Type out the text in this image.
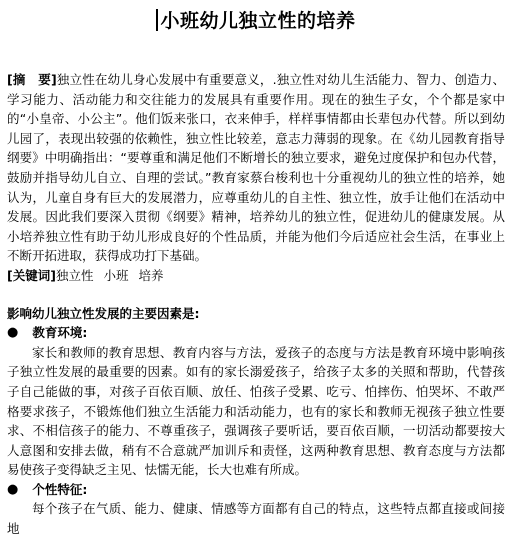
小班幼儿独立性的培养

[摘　要]独立性在幼儿身心发展中有重要意义，.独立性对幼儿生活能力、智力、创造力、学习能力、活动能力和交往能力的发展具有重要作用。现在的独生子女，个个都是家中的“小皇帝、小公主”。他们饭来张口，衣来伸手，样样事情都由长辈包办代替。所以到幼儿园了，表现出较强的依赖性，独立性比较差，意志力薄弱的现象。在《幼儿园教育指导纲要》中明确指出：“要尊重和满足他们不断增长的独立要求，避免过度保护和包办代替，鼓励并指导幼儿自立、自理的尝试。”教育家蔡台梭利也十分重视幼儿的独立性的培养，她认为，儿童自身有巨大的发展潜力，应尊重幼儿的自主性、独立性，放手让他们在活动中发展。因此我们要深入贯彻《纲要》精神，培养幼儿的独立性，促进幼儿的健康发展。从小培养独立性有助于幼儿形成良好的个性品质，并能为他们今后适应社会生活，在事业上不断开拓进取，获得成功打下基础。

[关键词]独立性 小班 培养

影响幼儿独立性发展的主要因素是:

● 教育环境:

家长和教师的教育思想、教育内容与方法，爱孩子的态度与方法是教育环境中影响孩子独立性发展的最重要的因素。如有的家长溺爱孩子，给孩子太多的关照和帮助，代替孩子自己能做的事，对孩子百依百顺、放任、怕孩子受累、吃亏、怕摔伤、怕哭坏、不敢严格要求孩子，不锻炼他们独立生活能力和活动能力，也有的家长和教师无视孩子独立性要求、不相信孩子的能力、不尊重孩子，强调孩子要听话，要百依百顺，一切活动都要按大人意图和安排去做，稍有不合意就严加训斥和责怪，这两种教育思想、教育态度与方法都易使孩子变得缺乏主见、怯懦无能，长大也难有所成。

● 个性特征:

每个孩子在气质、能力、健康、情感等方面都有自己的特点，这些特点都直接或间接地
